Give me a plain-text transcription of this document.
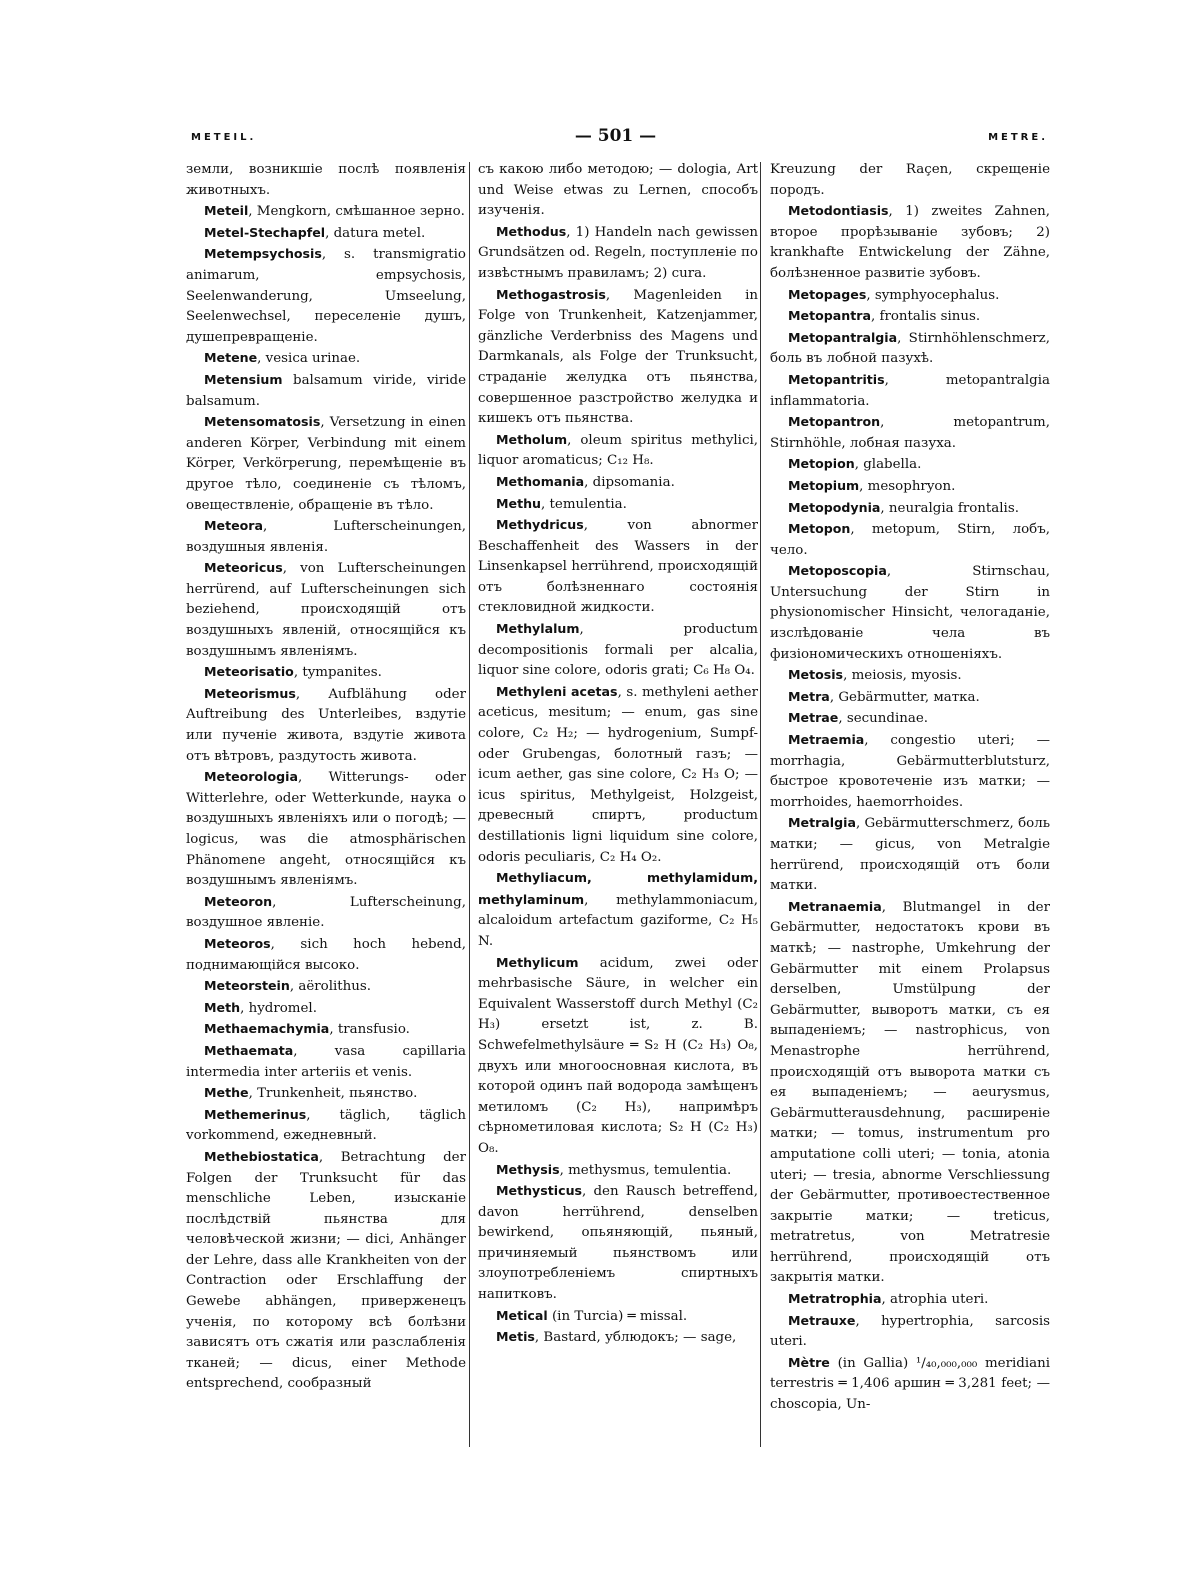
METEIL.	— 501 —	METRE.

земли, возникшіе послѣ появленія животныхъ.

Meteil, Mengkorn, смѣшанное зерно.

Metel-Stechapfel, datura metel.

Metempsychosis, s. transmigratio animarum, empsychosis, Seelenwanderung, Umseelung, Seelenwechsel, переселеніе душъ, душепревращеніе.

Metene, vesica urinae.

Metensium balsamum viride, viride balsamum.

Metensomatosis, Versetzung in einen anderen Körper, Verbindung mit einem Körper, Verkörperung, перемѣщеніе въ другое тѣло, соединеніе съ тѣломъ, овеществленіе, обращеніе въ тѣло.

Meteora, Lufterscheinungen, воздушныя явленія.

Meteoricus, von Lufterscheinungen herrürend, auf Lufterscheinungen sich beziehend, происходящій отъ воздушныхъ явленій, относящійся къ воздушнымъ явленіямъ.

Meteorisatio, tympanites.

Meteorismus, Aufblähung oder Auftreibung des Unterleibes, вздутіе или пученіе живота, вздутіе живота отъ вѣтровъ, раздутость живота.

Meteorologia, Witterungs- oder Witterlehre, oder Wetterkunde, наука о воздушныхъ явленіяхъ или о погодѣ; — logicus, was die atmosphärischen Phänomene angeht, относящійся къ воздушнымъ явленіямъ.

Meteoron, Lufterscheinung, воздушное явленіе.

Meteoros, sich hoch hebend, поднимающійся высоко.

Meteorstein, aërolithus.

Meth, hydromel.

Methaemachymia, transfusio.

Methaemata, vasa capillaria intermedia inter arteriis et venis.

Methe, Trunkenheit, пьянство.

Methemerinus, täglich, täglich vorkommend, ежедневный.

Methebiostatica, Betrachtung der Folgen der Trunksucht für das menschliche Leben, изысканіе послѣдствій пьянства для человѣческой жизни; — dici, Anhänger der Lehre, dass alle Krankheiten von der Contraction oder Erschlaffung der Gewebe abhängen, приверженецъ ученія, по которому всѣ болѣзни зависятъ отъ сжатія или разслабленія тканей; — dicus, einer Methode entsprechend, сообразный

съ какою либо методою; — dologia, Art und Weise etwas zu Lernen, способъ изученія.

Methodus, 1) Handeln nach gewissen Grundsätzen od. Regeln, поступленіе по извѣстнымъ правиламъ; 2) cura.

Methogastrosis, Magenleiden in Folge von Trunkenheit, Katzenjammer, gänzliche Verderbniss des Magens und Darmkanals, als Folge der Trunksucht, страданіе желудка отъ пьянства, совершенное разстройство желудка и кишекъ отъ пьянства.

Metholum, oleum spiritus methylici, liquor aromaticus; C₁₂ H₈.

Methomania, dipsomania.

Methu, temulentia.

Methydricus, von abnormer Beschaffenheit des Wassers in der Linsenkapsel herrührend, происходящій отъ болѣзненнаго состоянія стекловидной жидкости.

Methylalum, productum decompositionis formali per alcalia, liquor sine colore, odoris grati; C₆ H₈ O₄.

Methyleni acetas, s. methyleni aether aceticus, mesitum; — enum, gas sine colore, C₂ H₂; — hydrogenium, Sumpf- oder Grubengas, болотный газъ; — icum aether, gas sine colore, C₂ H₃ O; — icus spiritus, Methylgeist, Holzgeist, древесный спиртъ, productum destillationis ligni liquidum sine colore, odoris peculiaris, C₂ H₄ O₂.

Methyliacum, methylamidum, methylaminum, methylammoniacum, alcaloidum artefactum gaziforme, C₂ H₅ N.

Methylicum acidum, zwei oder mehrbasische Säure, in welcher ein Equivalent Wasserstoff durch Methyl (C₂ H₃) ersetzt ist, z. B. Schwefelmethylsäure ═ S₂ H (C₂ H₃) O₈, двухъ или многоосновная кислота, въ которой одинъ пай водорода замѣщенъ метиломъ (C₂ H₃), напримѣръ сѣрнометиловая кислота; S₂ H (C₂ H₃) O₈.

Methysis, methysmus, temulentia.

Methysticus, den Rausch betreffend, davon herrührend, denselben bewirkend, опьяняющій, пьяный, причиняемый пьянствомъ или злоупотребленіемъ спиртныхъ напитковъ.

Metical (in Turcia) ═ missal.

Metis, Bastard, ублюдокъ; — sage,

Kreuzung der Raçen, скрещеніе породъ.

Metodontiasis, 1) zweites Zahnen, второе прорѣзываніе зубовъ; 2) krankhafte Entwickelung der Zähne, болѣзненное развитіе зубовъ.

Metopages, symphyocephalus.

Metopantra, frontalis sinus.

Metopantralgia, Stirnhöhlenschmerz, боль въ лобной пазухѣ.

Metopantritis, metopantralgia inflammatoria.

Metopantron, metopantrum, Stirnhöhle, лобная пазуха.

Metopion, glabella.

Metopium, mesophryon.

Metopodynia, neuralgia frontalis.

Metopon, metopum, Stirn, лобъ, чело.

Metoposcopia, Stirnschau, Untersuchung der Stirn in physionomischer Hinsicht, челогаданіе, изслѣдованіе чела въ физіономическихъ отношеніяхъ.

Metosis, meiosis, myosis.

Metra, Gebärmutter, матка.

Metrae, secundinae.

Metraemia, congestio uteri; — morrhagia, Gebärmutterblutsturz, быстрое кровотеченіе изъ матки; — morrhoides, haemorrhoides.

Metralgia, Gebärmutterschmerz, боль матки; — gicus, von Metralgie herrürend, происходящій отъ боли матки.

Metranaemia, Blutmangel in der Gebärmutter, недостатокъ крови въ маткѣ; — nastrophe, Umkehrung der Gebärmutter mit einem Prolapsus derselben, Umstülpung der Gebärmutter, выворотъ матки, съ ея выпаденіемъ; — nastrophicus, von Menastrophe herrührend, происходящій отъ выворота матки съ ея выпаденіемъ; — aeurysmus, Gebärmutterausdehnung, расширеніе матки; — tomus, instrumentum pro amputatione colli uteri; — tonia, atonia uteri; — tresia, abnorme Verschliessung der Gebärmutter, противоестественное закрытіе матки; — treticus, metratretus, von Metratresie herrührend, происходящій отъ закрытія матки.

Metratrophia, atrophia uteri.

Metrauxe, hypertrophia, sarcosis uteri.

Mètre (in Gallia) ¹/₄₀,₀₀₀,₀₀₀ meridiani terrestris ═ 1,406 аршин ═ 3,281 feet; — choscopia, Un-
